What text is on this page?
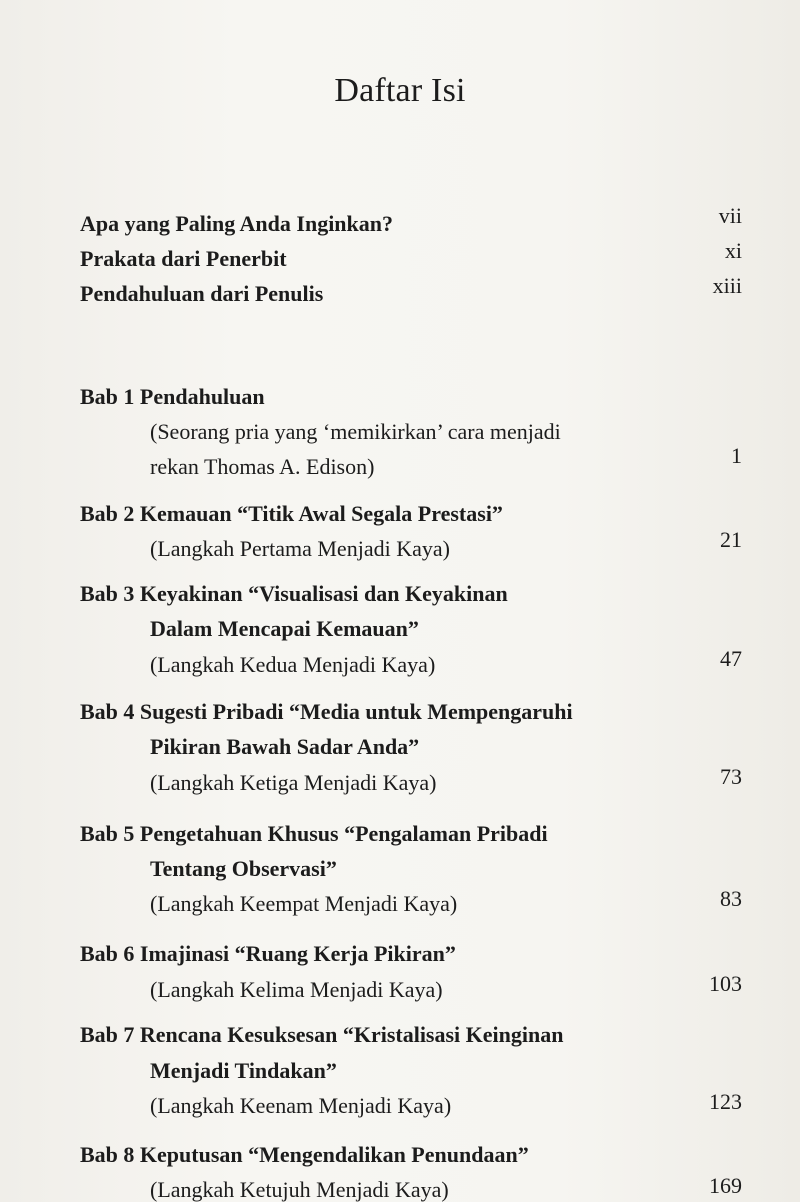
Daftar Isi
Apa yang Paling Anda Inginkan?	vii
Prakata dari Penerbit	xi
Pendahuluan dari Penulis	xiii
Bab 1 Pendahuluan
(Seorang pria yang ‘memikirkan’ cara menjadi
rekan Thomas A. Edison)	1
Bab 2 Kemauan “Titik Awal Segala Prestasi”
(Langkah Pertama Menjadi Kaya)	21
Bab 3 Keyakinan “Visualisasi dan Keyakinan
Dalam Mencapai Kemauan”
(Langkah Kedua Menjadi Kaya)	47
Bab 4 Sugesti Pribadi “Media untuk Mempengaruhi
Pikiran Bawah Sadar Anda”
(Langkah Ketiga Menjadi Kaya)	73
Bab 5 Pengetahuan Khusus “Pengalaman Pribadi
Tentang Observasi”
(Langkah Keempat Menjadi Kaya)	83
Bab 6 Imajinasi “Ruang Kerja Pikiran”
(Langkah Kelima Menjadi Kaya)	103
Bab 7 Rencana Kesuksesan “Kristalisasi Keinginan
Menjadi Tindakan”
(Langkah Keenam Menjadi Kaya)	123
Bab 8 Keputusan “Mengendalikan Penundaan”
(Langkah Ketujuh Menjadi Kaya)	169
